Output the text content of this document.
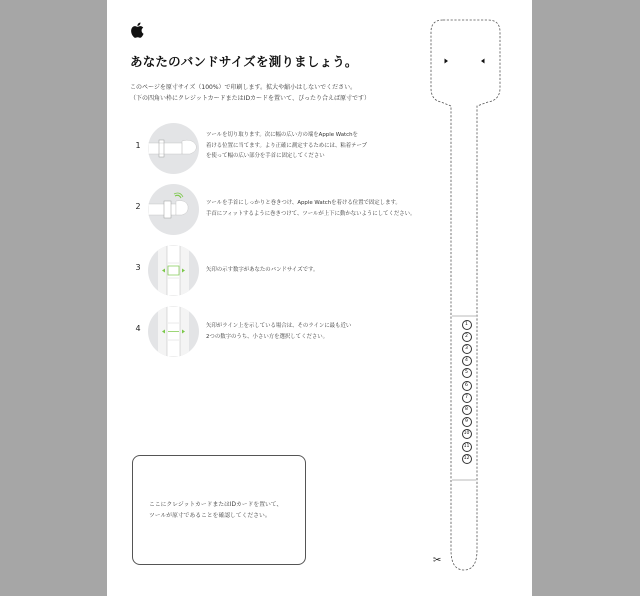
あなたのバンドサイズを測りましょう。
このページを原寸サイズ（100%）で印刷します。拡大や縮小はしないでください。
（下の四角い枠にクレジットカードまたはIDカードを置いて、ぴったり合えば原寸です）
1
ツールを切り取ります。次に幅の広い方の端をApple Watchを
着ける位置に当てます。より正確に測定するためには、粘着テープ
を使って幅の広い部分を手首に固定してください
2	ツールを手首にしっかりと巻きつけ、Apple Watchを着ける位置で固定します。
手首にフィットするように巻きつけて、ツールが上下に動かないようにしてください。
3	矢印の示す数字があなたのバンドサイズです。
4	矢印がライン上を示している場合は、そのラインに最も近い
2つの数字のうち、小さい方を選択してください。
ここにクレジットカードまたはIDカードを置いて、
ツールが原寸であることを確認してください。
1
2
3
4
5
6
7
8
9
10
11
12
✂
